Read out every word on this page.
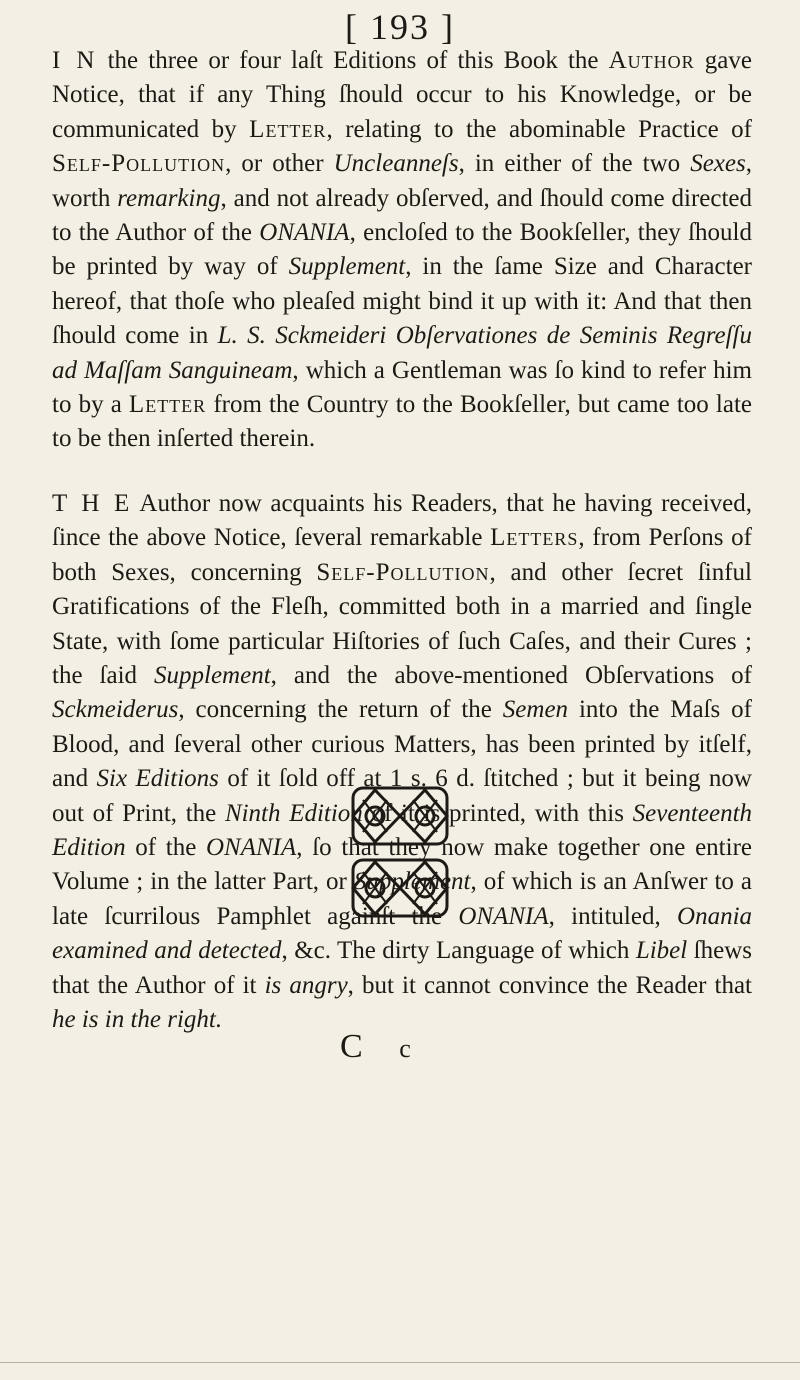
[ 193 ]

I N the three or four laſt Editions of this Book the Author gave Notice, that if any Thing ſhould occur to his Knowledge, or be communicated by Letter, relating to the abominable Practice of Self-Pollution, or other Uncleanneſs, in either of the two Sexes, worth remarking, and not already obſerved, and ſhould come directed to the Author of the ONANIA, encloſed to the Bookſeller, they ſhould be printed by way of Supplement, in the ſame Size and Character hereof, that thoſe who pleaſed might bind it up with it: And that then ſhould come in L. S. Sckmeideri Obſervationes de Seminis Regreſſu ad Maſſam Sanguineam, which a Gentleman was ſo kind to refer him to by a Letter from the Country to the Bookſeller, but came too late to be then inſerted therein.

T H E Author now acquaints his Readers, that he having received, ſince the above Notice, ſeveral remarkable Letters, from Perſons of both Sexes, concerning Self-Pollution, and other ſecret ſinful Gratifications of the Fleſh, committed both in a married and ſingle State, with ſome particular Hiſtories of ſuch Caſes, and their Cures ; the ſaid Supplement, and the above-mentioned Obſervations of Sckmeiderus, concerning the return of the Semen into the Maſs of Blood, and ſeveral other curious Matters, has been printed by itſelf, and Six Editions of it ſold off at 1 s. 6 d. ſtitched ; but it being now out of Print, the Ninth Edition of it is printed, with this Seventeenth Edition of the ONANIA, ſo that they now make together one entire Volume ; in the latter Part, or Supplement, of which is an Anſwer to a late ſcurrilous Pamphlet againſt the ONANIA, intituled, Onania examined and detected, &c. The dirty Language of which Libel ſhews that the Author of it is angry, but it cannot convince the Reader that he is in the right.

C c
